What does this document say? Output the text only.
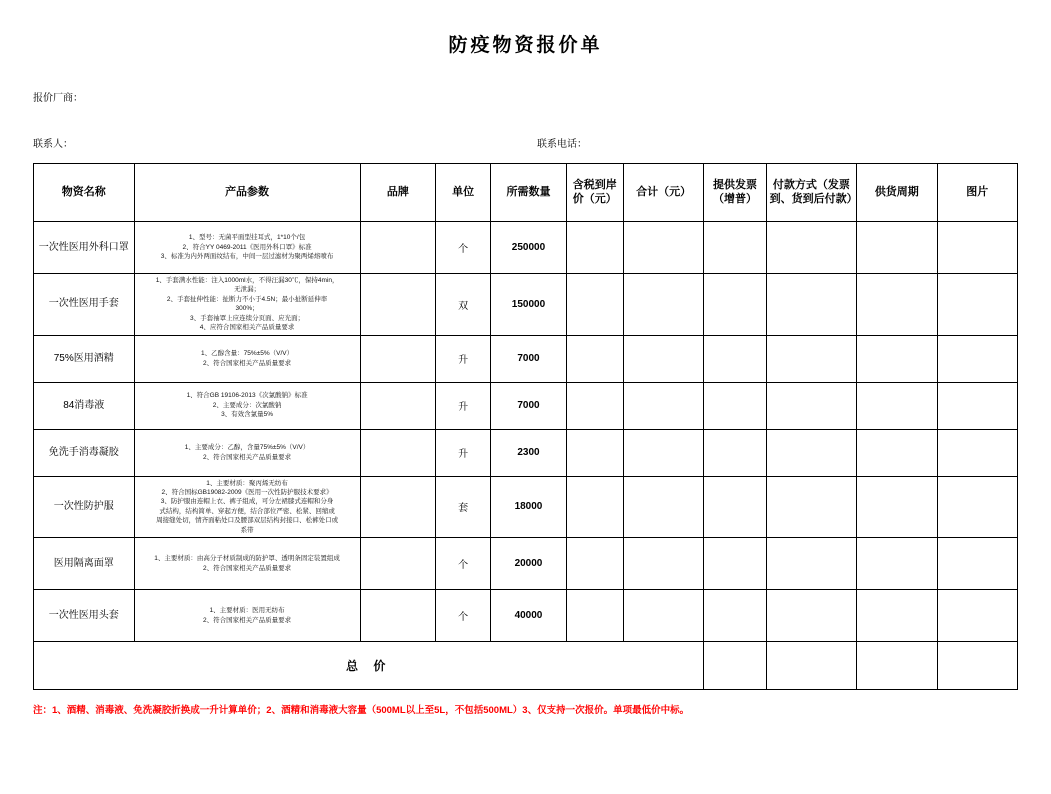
防疫物资报价单
报价厂商：
联系人：	联系电话：
物资名称	产品参数	品牌	单位	所需数量	含税到岸价（元）	合计（元）	提供发票（增普）	付款方式（发票到、货到后付款）	供货周期	图片
一次性医用外科口罩	1、型号：无菌平面型挂耳式，1*10个/包
2、符合YY 0469-2011《医用外科口罩》标准
3、标准为内外两面纹结布，中间一层过滤材为聚两烯熔喷布		个	250000						
一次性医用手套	1、手套满水性能：注入1000ml水，不得汪漏30℃，保持4min，
无泄漏；
2、手套扯伸性能：扯断力不小于4.5N；最小扯断延伸率
300%；
3、手套袖罩上应连续分页面、应光面；
4、应符合国家相关产品质量要求		双	150000						
75%医用酒精	1、乙醇含量：75%±5%（V/V）
2、符合国家相关产品质量要求		升	7000						
84消毒液	1、符合GB 19106-2013《次氯酸钠》标准
2、主要成分：次氯酸钠
3、有效含氯量5%		升	7000						
免洗手消毒凝胶	1、主要成分：乙醇，含量75%±5%（V/V）
2、符合国家相关产品质量要求		升	2300						
一次性防护服	1、主要材质：聚丙烯无纺布
2、符合国标GB19082-2009《医用一次性防护服技术要求》
3、防护服由连帽上衣、裤子组成，可分左裙膝式连帽和分身
式结构，结构简单、穿起方便，结合部位严密、松紧、回缩或
周接缝处切，情齐面粘处口及腰部双层结构封接口、松裤处口或
系带		套	18000						
医用隔离面罩	1、主要材质：由高分子材质制成的防护罩、透明条固定装置组成
2、符合国家相关产品质量要求		个	20000						
一次性医用头套	1、主要材质：医用无纺布
2、符合国家相关产品质量要求		个	40000						
总 价										
注：1、酒精、消毒液、免洗凝胶折换成一升计算单价；2、酒精和消毒液大容量（500ML以上至5L，不包括500ML）3、仅支持一次报价。单项最低价中标。
